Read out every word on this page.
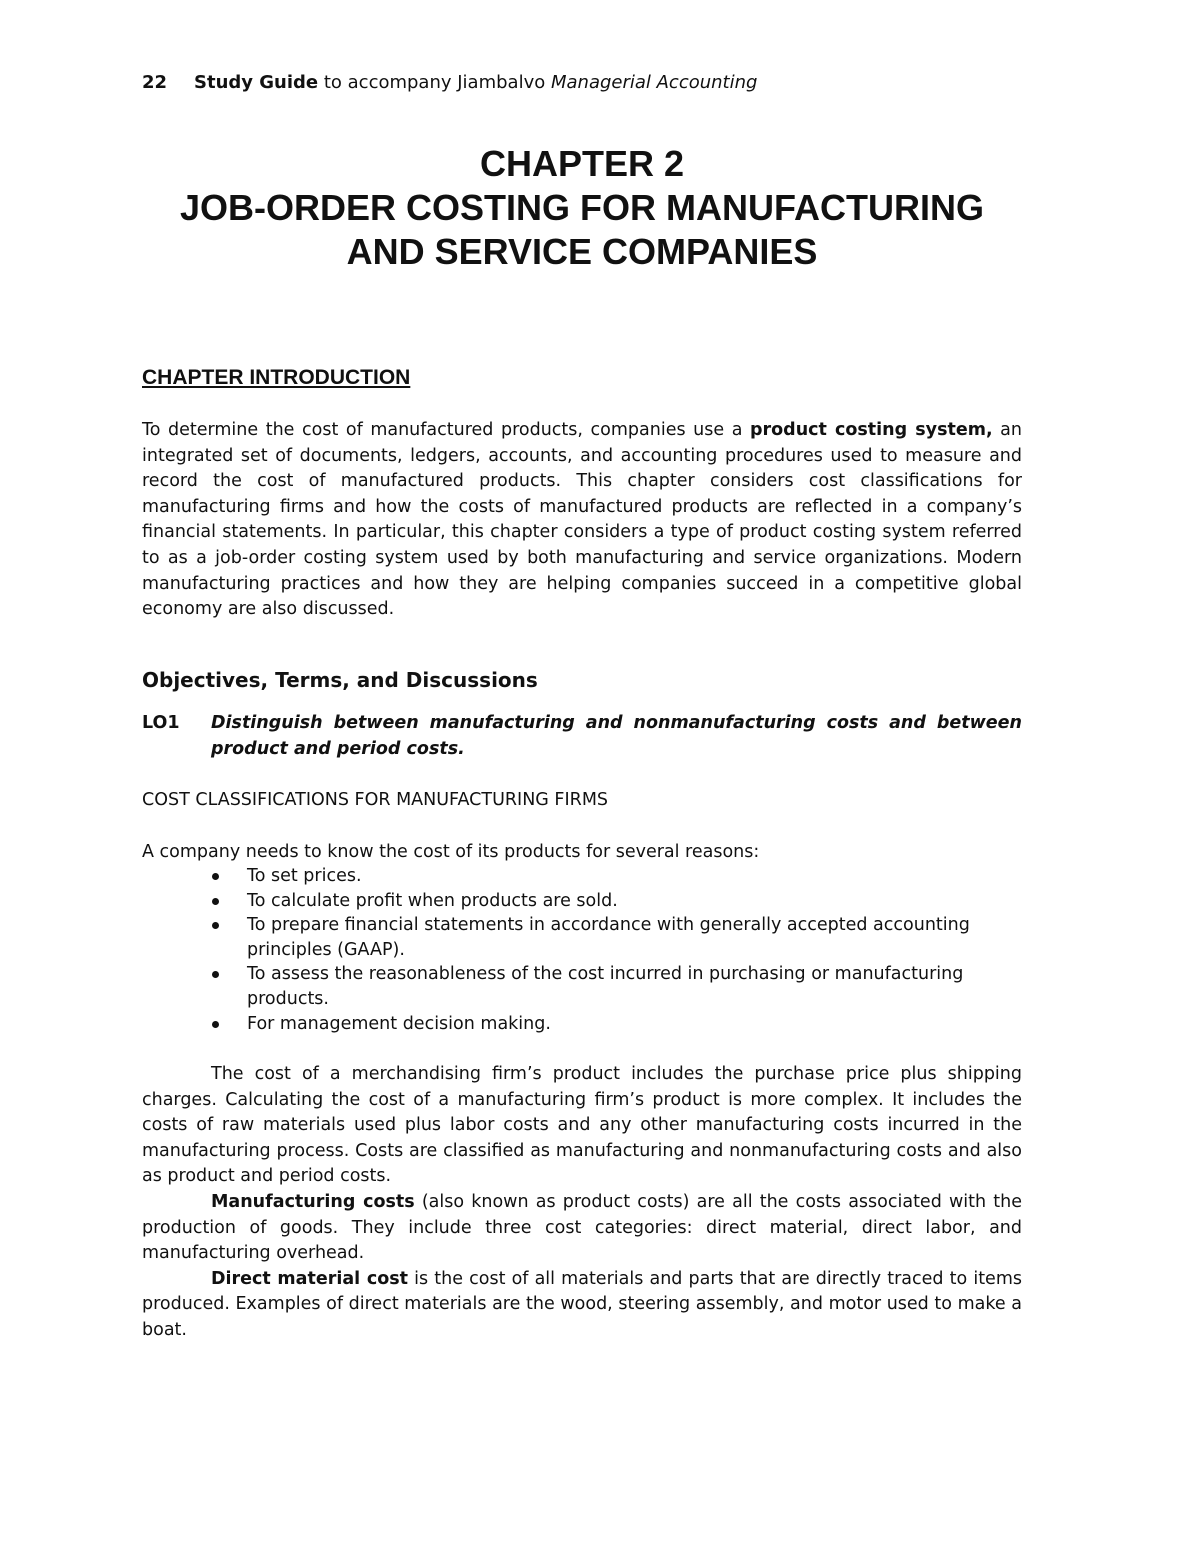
22 Study Guide to accompany Jiambalvo Managerial Accounting
CHAPTER 2
JOB-ORDER COSTING FOR MANUFACTURING
AND SERVICE COMPANIES
CHAPTER INTRODUCTION

To determine the cost of manufactured products, companies use a product costing system, an integrated set of documents, ledgers, accounts, and accounting procedures used to measure and record the cost of manufactured products. This chapter considers cost classifications for manufacturing firms and how the costs of manufactured products are reflected in a company’s financial statements. In particular, this chapter considers a type of product costing system referred to as a job-order costing system used by both manufacturing and service organizations. Modern manufacturing practices and how they are helping companies succeed in a competitive global economy are also discussed.

Objectives, Terms, and Discussions
LO1 Distinguish between manufacturing and nonmanufacturing costs and between product and period costs.
COST CLASSIFICATIONS FOR MANUFACTURING FIRMS
A company needs to know the cost of its products for several reasons:
To set prices.
To calculate profit when products are sold.
To prepare financial statements in accordance with generally accepted accounting principles (GAAP).
To assess the reasonableness of the cost incurred in purchasing or manufacturing products.
For management decision making.

The cost of a merchandising firm’s product includes the purchase price plus shipping charges. Calculating the cost of a manufacturing firm’s product is more complex. It includes the costs of raw materials used plus labor costs and any other manufacturing costs incurred in the manufacturing process. Costs are classified as manufacturing and nonmanufacturing costs and also as product and period costs.

Manufacturing costs (also known as product costs) are all the costs associated with the production of goods. They include three cost categories: direct material, direct labor, and manufacturing overhead.

Direct material cost is the cost of all materials and parts that are directly traced to items produced. Examples of direct materials are the wood, steering assembly, and motor used to make a boat.
